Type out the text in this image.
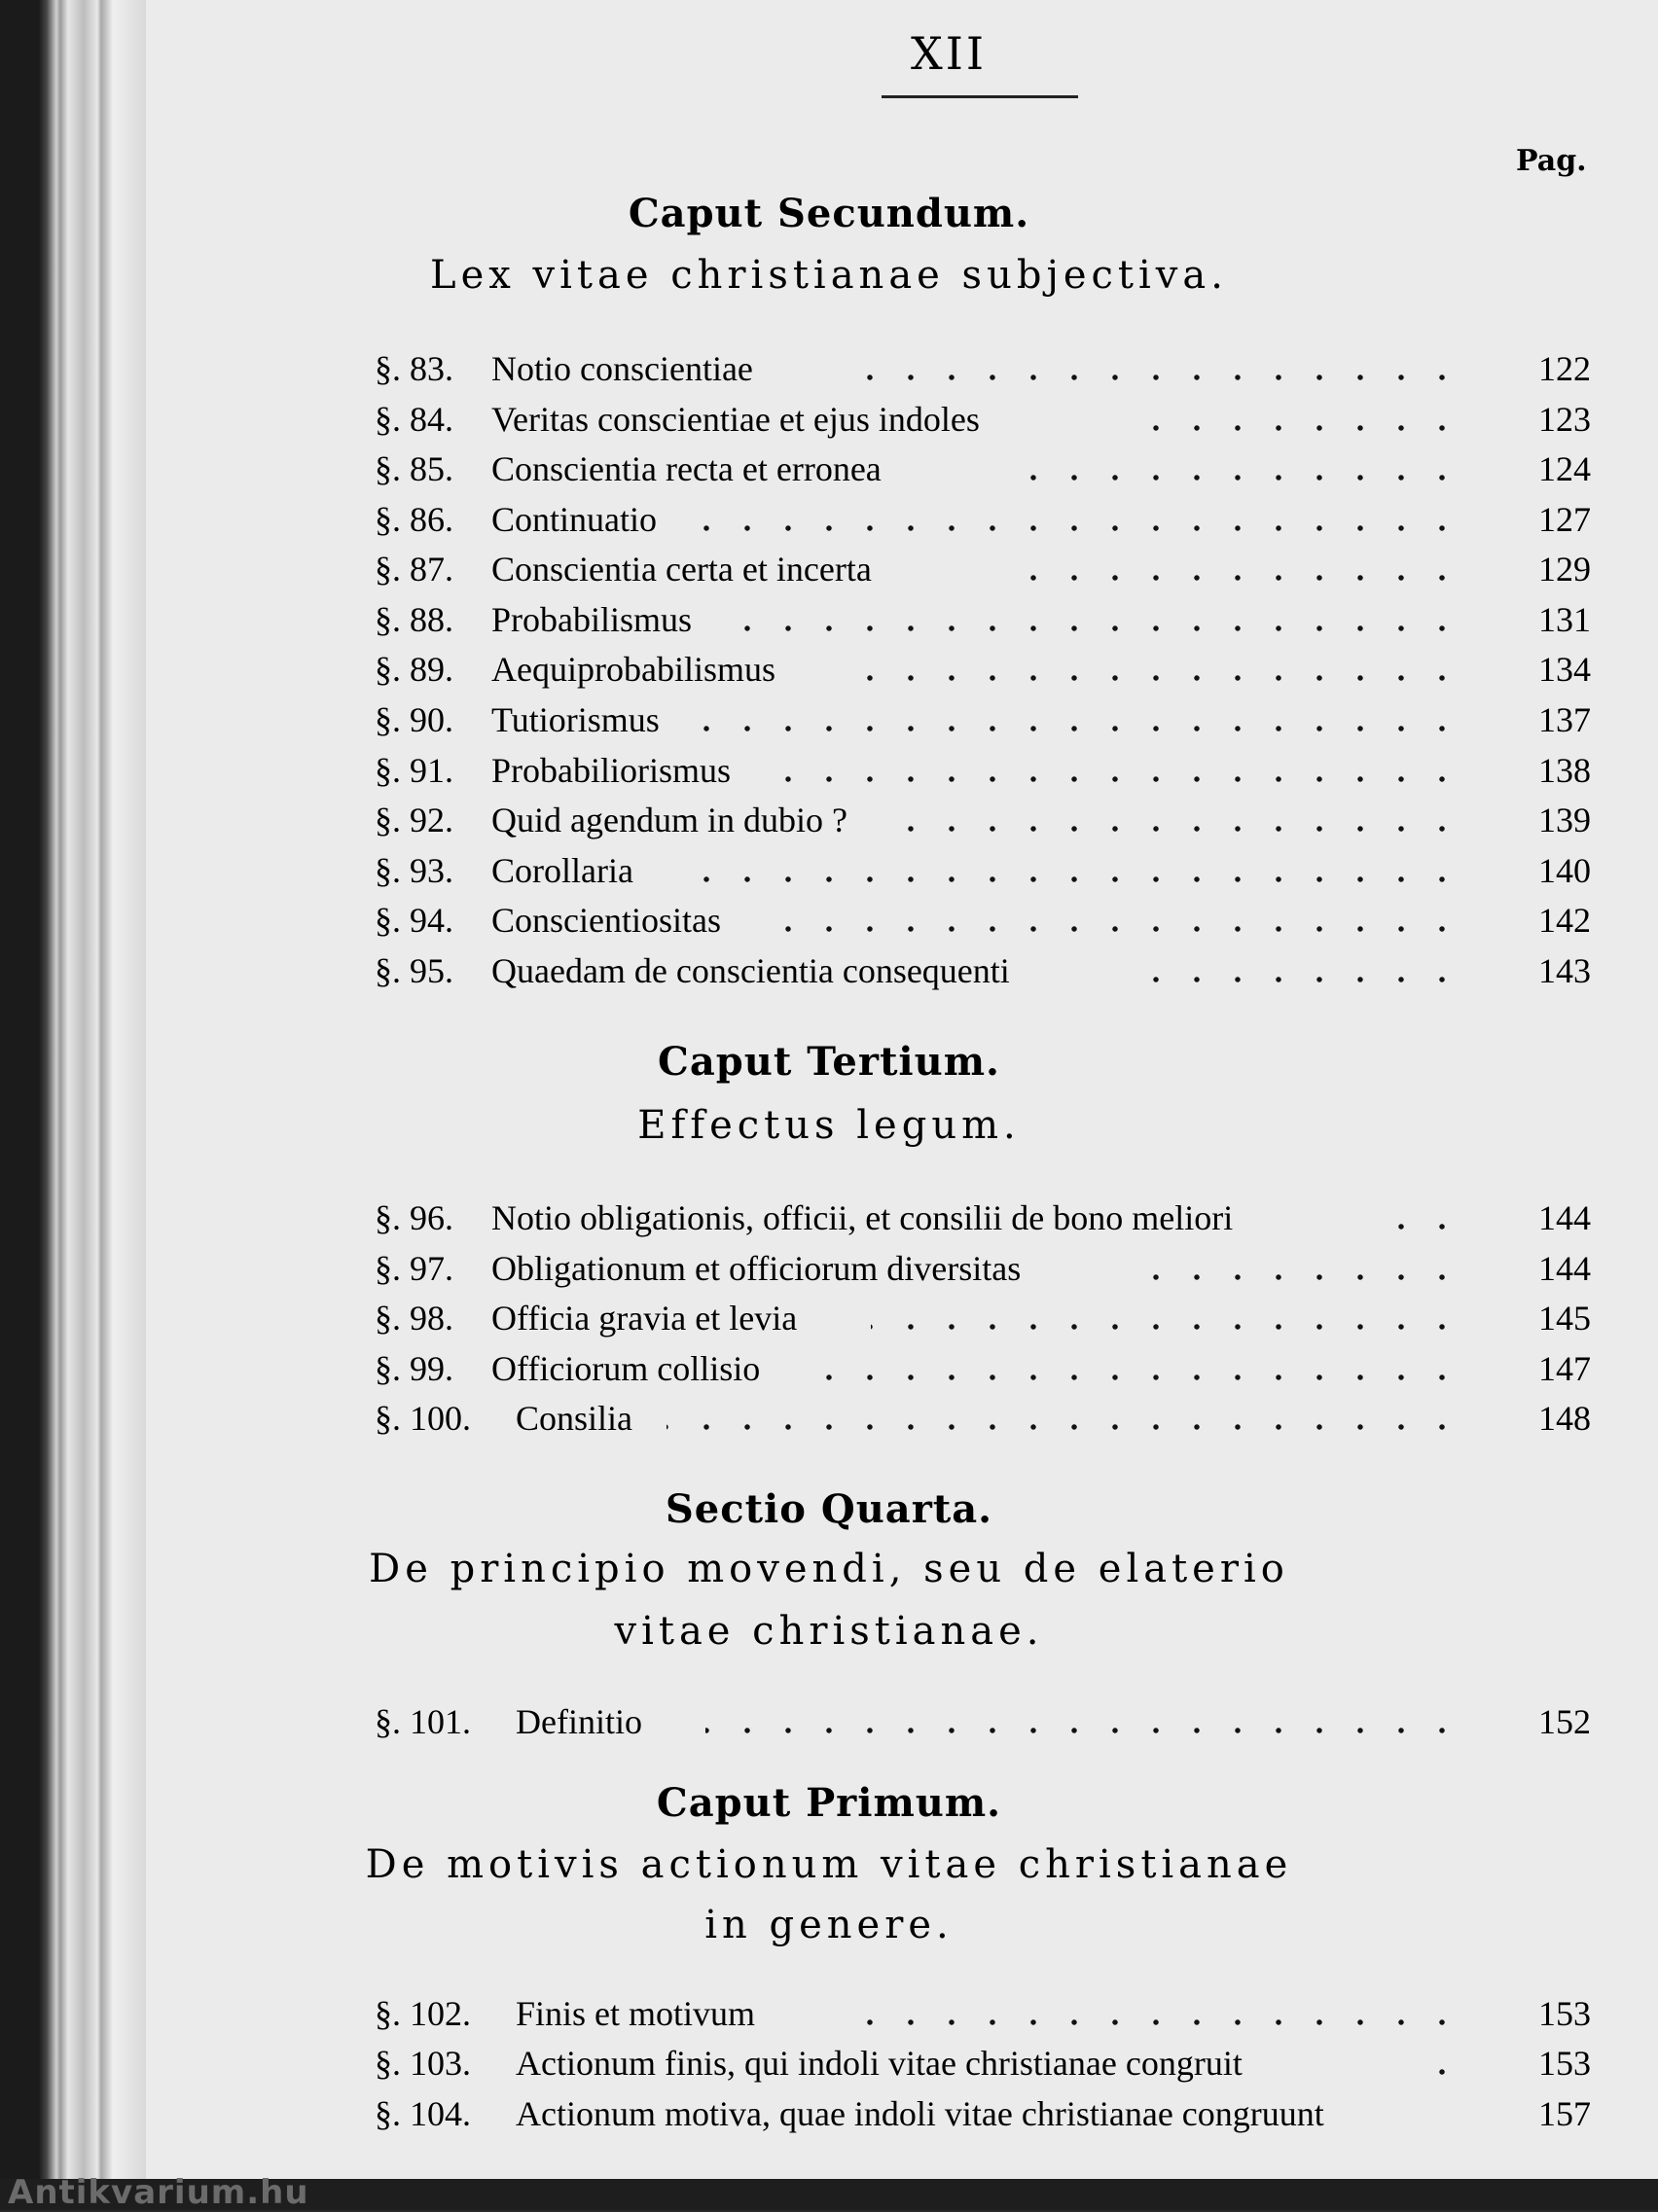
XII
Pag.
Caput Secundum.
Lex vitae christianae subjectiva.
§. 83. Notio conscientiae	122
§. 84. Veritas conscientiae et ejus indoles	123
§. 85. Conscientia recta et erronea	124
§. 86. Continuatio	127
§. 87. Conscientia certa et incerta	129
§. 88. Probabilismus	131
§. 89. Aequiprobabilismus	134
§. 90. Tutiorismus	137
§. 91. Probabiliorismus	138
§. 92. Quid agendum in dubio ?	139
§. 93. Corollaria	140
§. 94. Conscientiositas	142
§. 95. Quaedam de conscientia consequenti	143
Caput Tertium.
Effectus legum.
§. 96. Notio obligationis, officii, et consilii de bono meliori	144
§. 97. Obligationum et officiorum diversitas	144
§. 98. Officia gravia et levia	145
§. 99. Officiorum collisio	147
§. 100. Consilia	148
Sectio Quarta.
De principio movendi, seu de elaterio
vitae christianae.
§. 101. Definitio	152
Caput Primum.
De motivis actionum vitae christianae
in genere.
§. 102. Finis et motivum	153
§. 103. Actionum finis, qui indoli vitae christianae congruit	153
§. 104. Actionum motiva, quae indoli vitae christianae congruunt	157
Antikvarium.hu
